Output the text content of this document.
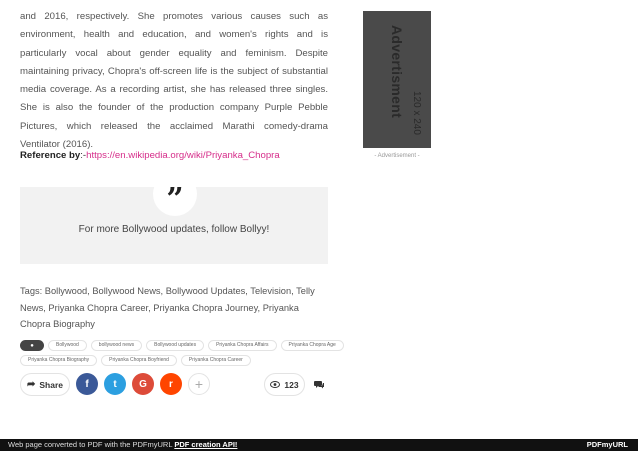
and 2016, respectively. She promotes various causes such as environment, health and education, and women's rights and is particularly vocal about gender equality and feminism. Despite maintaining privacy, Chopra's off-screen life is the subject of substantial media coverage. As a recording artist, she has released three singles. She is also the founder of the production company Purple Pebble Pictures, which released the acclaimed Marathi comedy-drama Ventilator (2016).
Reference by:-https://en.wikipedia.org/wiki/Priyanka_Chopra
Advertisment 120 x 240
- Advertisement -
”
For more Bollywood updates, follow Bollyy!
Tags: Bollywood, Bollywood News, Bollywood Updates, Television, Telly News, Priyanka Chopra Career, Priyanka Chopra Journey, Priyanka Chopra Biography
●	Bollywood	bollywood news	Bollywood updates	Priyanka Chopra Affairs	Priyanka Chopra Age
Priyanka Chopra Biography	Priyanka Chopra Boyfriend	Priyanka Chopra Career
➦ Share	f	t	G	r	+	123
Web page converted to PDF with the PDFmyURL PDF creation API!	PDFmyURL
